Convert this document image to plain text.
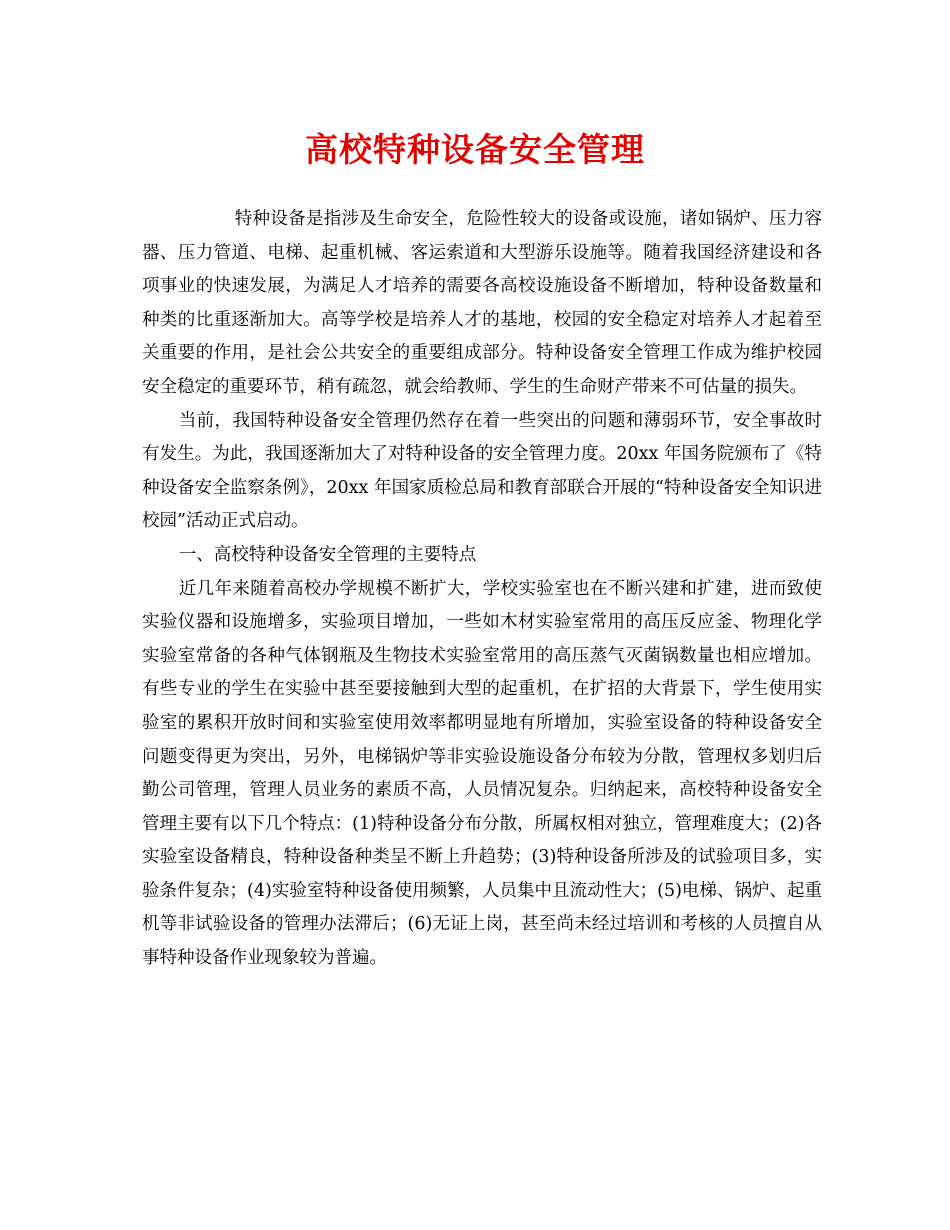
高校特种设备安全管理

特种设备是指涉及生命安全，危险性较大的设备或设施，诸如锅炉、压力容器、压力管道、电梯、起重机械、客运索道和大型游乐设施等。随着我国经济建设和各项事业的快速发展，为满足人才培养的需要各高校设施设备不断增加，特种设备数量和种类的比重逐渐加大。高等学校是培养人才的基地，校园的安全稳定对培养人才起着至关重要的作用，是社会公共安全的重要组成部分。特种设备安全管理工作成为维护校园安全稳定的重要环节，稍有疏忽，就会给教师、学生的生命财产带来不可估量的损失。

当前，我国特种设备安全管理仍然存在着一些突出的问题和薄弱环节，安全事故时有发生。为此，我国逐渐加大了对特种设备的安全管理力度。20xx 年国务院颁布了《特种设备安全监察条例》，20xx 年国家质检总局和教育部联合开展的“特种设备安全知识进校园”活动正式启动。

一、高校特种设备安全管理的主要特点

近几年来随着高校办学规模不断扩大，学校实验室也在不断兴建和扩建，进而致使实验仪器和设施增多，实验项目增加，一些如木材实验室常用的高压反应釜、物理化学实验室常备的各种气体钢瓶及生物技术实验室常用的高压蒸气灭菌锅数量也相应增加。有些专业的学生在实验中甚至要接触到大型的起重机，在扩招的大背景下，学生使用实验室的累积开放时间和实验室使用效率都明显地有所增加，实验室设备的特种设备安全问题变得更为突出，另外，电梯锅炉等非实验设施设备分布较为分散，管理权多划归后勤公司管理，管理人员业务的素质不高，人员情况复杂。归纳起来，高校特种设备安全管理主要有以下几个特点：(1)特种设备分布分散，所属权相对独立，管理难度大；(2)各实验室设备精良，特种设备种类呈不断上升趋势；(3)特种设备所涉及的试验项目多，实验条件复杂；(4)实验室特种设备使用频繁，人员集中且流动性大；(5)电梯、锅炉、起重机等非试验设备的管理办法滞后；(6)无证上岗，甚至尚未经过培训和考核的人员擅自从事特种设备作业现象较为普遍。
